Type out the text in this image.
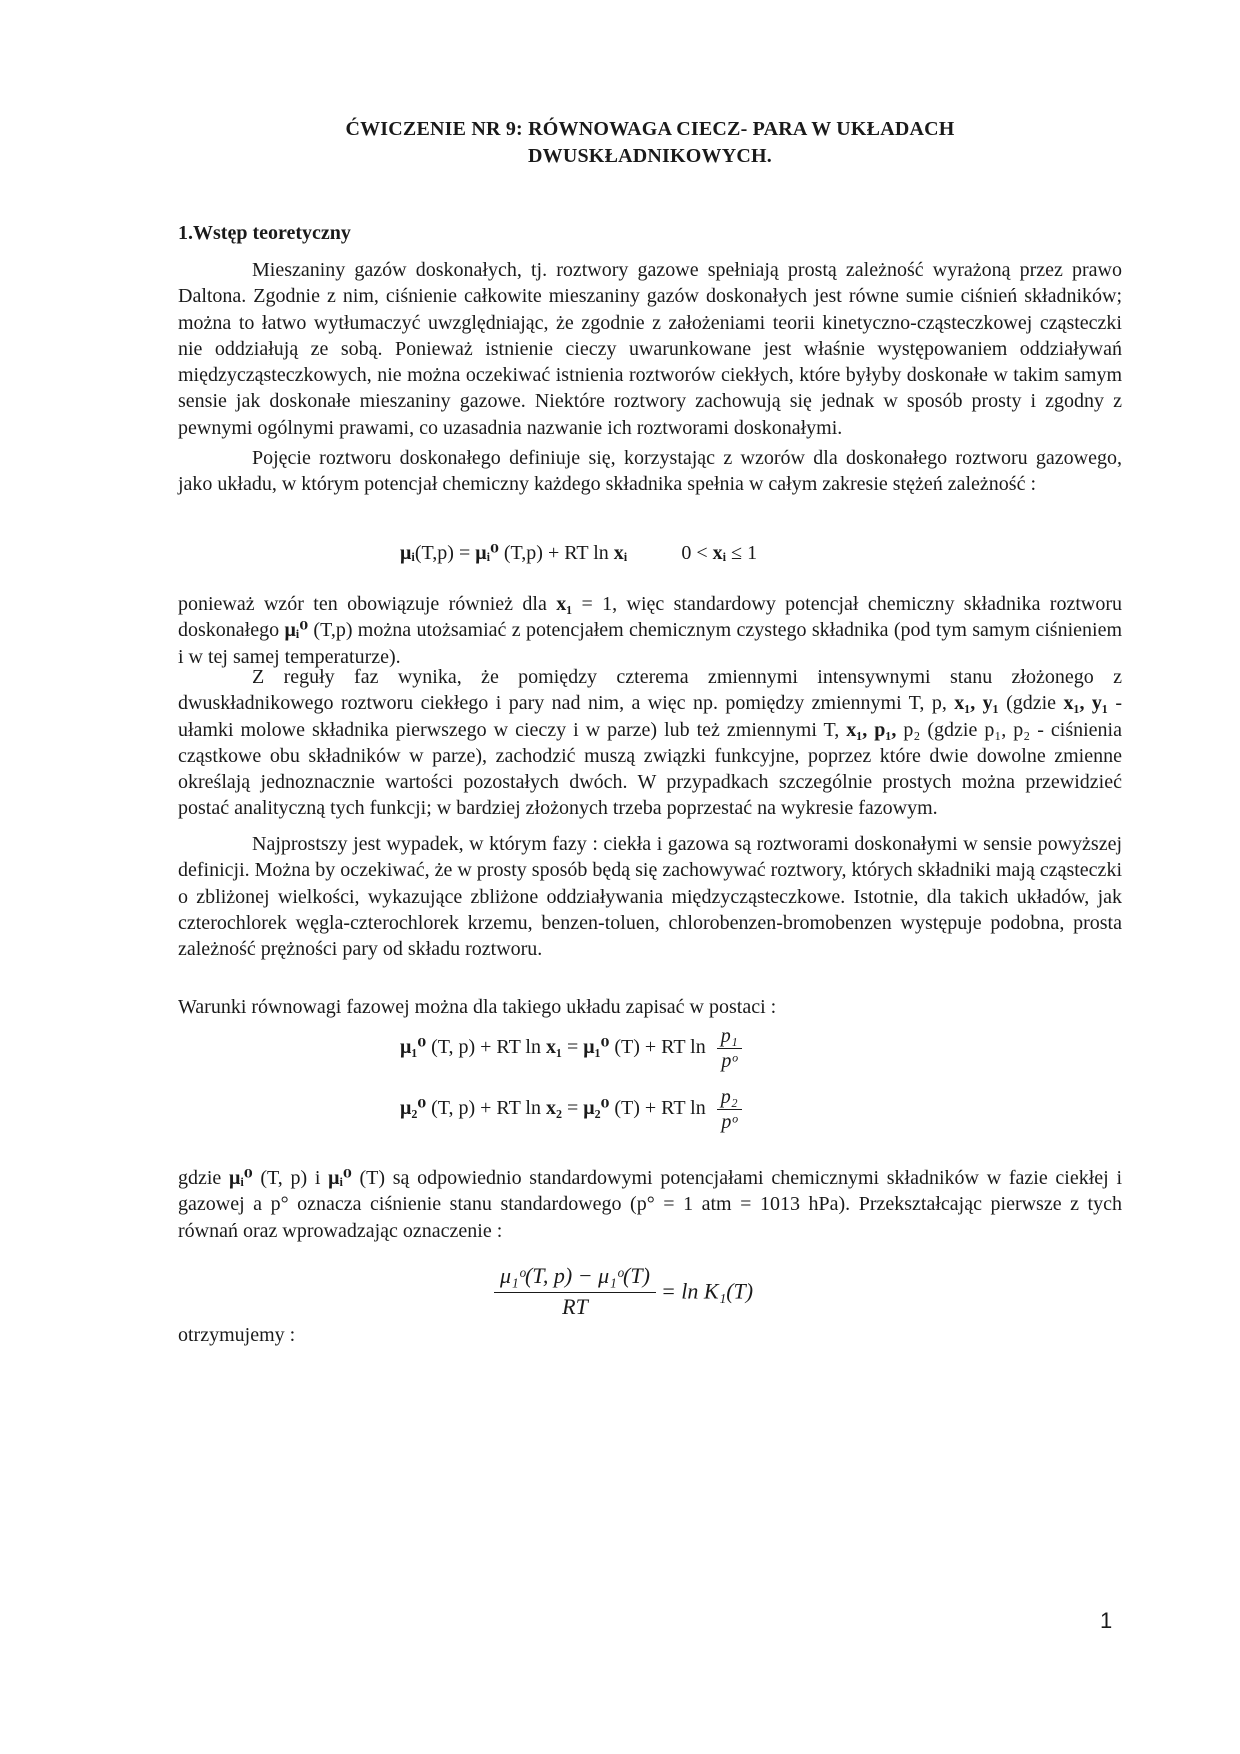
ĆWICZENIE NR 9: RÓWNOWAGA CIECZ- PARA W UKŁADACH
DWUSKŁADNIKOWYCH.
1.Wstęp teoretyczny

Mieszaniny gazów doskonałych, tj. roztwory gazowe spełniają prostą zależność wyrażoną przez prawo Daltona. Zgodnie z nim, ciśnienie całkowite mieszaniny gazów doskonałych jest równe sumie ciśnień składników; można to łatwo wytłumaczyć uwzględniając, że zgodnie z założeniami teorii kinetyczno-cząsteczkowej cząsteczki nie oddziałują ze sobą. Ponieważ istnienie cieczy uwarunkowane jest właśnie występowaniem oddziaływań międzycząsteczkowych, nie można oczekiwać istnienia roztworów ciekłych, które byłyby doskonałe w takim samym sensie jak doskonałe mieszaniny gazowe. Niektóre roztwory zachowują się jednak w sposób prosty i zgodny z pewnymi ogólnymi prawami, co uzasadnia nazwanie ich roztworami doskonałymi.

Pojęcie roztworu doskonałego definiuje się, korzystając z wzorów dla doskonałego roztworu gazowego, jako układu, w którym potencjał chemiczny każdego składnika spełnia w całym zakresie stężeń zależność :

μᵢ(T,p) = μᵢ⁰ (T,p) + RT ln xᵢ	0 < xᵢ ≤ 1

ponieważ wzór ten obowiązuje również dla x₁ = 1, więc standardowy potencjał chemiczny składnika roztworu doskonałego μᵢ⁰ (T,p) można utożsamiać z potencjałem chemicznym czystego składnika (pod tym samym ciśnieniem i w tej samej temperaturze).

Z reguły faz wynika, że pomiędzy czterema zmiennymi intensywnymi stanu złożonego z dwuskładnikowego roztworu ciekłego i pary nad nim, a więc np. pomiędzy zmiennymi T, p, x₁, y₁ (gdzie x₁, y₁ - ułamki molowe składnika pierwszego w cieczy i w parze) lub też zmiennymi T, x₁, p₁, p₂ (gdzie p₁, p₂ - ciśnienia cząstkowe obu składników w parze), zachodzić muszą związki funkcyjne, poprzez które dwie dowolne zmienne określają jednoznacznie wartości pozostałych dwóch. W przypadkach szczególnie prostych można przewidzieć postać analityczną tych funkcji; w bardziej złożonych trzeba poprzestać na wykresie fazowym.

Najprostszy jest wypadek, w którym fazy : ciekła i gazowa są roztworami doskonałymi w sensie powyższej definicji. Można by oczekiwać, że w prosty sposób będą się zachowywać roztwory, których składniki mają cząsteczki o zbliżonej wielkości, wykazujące zbliżone oddziaływania międzycząsteczkowe. Istotnie, dla takich układów, jak czterochlorek węgla-czterochlorek krzemu, benzen-toluen, chlorobenzen-bromobenzen występuje podobna, prosta zależność prężności pary od składu roztworu.

Warunki równowagi fazowej można dla takiego układu zapisać w postaci :

μ₁⁰ (T, p) + RT ln x₁ = μ₁⁰ (T) + RT $\ln \frac{\text{p₁}}{\text{pᵒ}}$
μ₂⁰ (T, p) + RT ln x₂ = μ₂⁰ (T) + RT $\ln \frac{\text{p₂}}{\text{pᵒ}}$

gdzie μᵢ⁰ (T, p) i μᵢ⁰ (T) są odpowiednio standardowymi potencjałami chemicznymi składników w fazie ciekłej i gazowej a p° oznacza ciśnienie stanu standardowego (p° = 1 atm = 1013 hPa). Przekształcając pierwsze z tych równań oraz wprowadzając oznaczenie :

$\frac{\text{μ₁ᵒ(T, p) − μ₁ᵒ(T)}}{RT} = \ln K_1(T)$

otrzymujemy :

1
